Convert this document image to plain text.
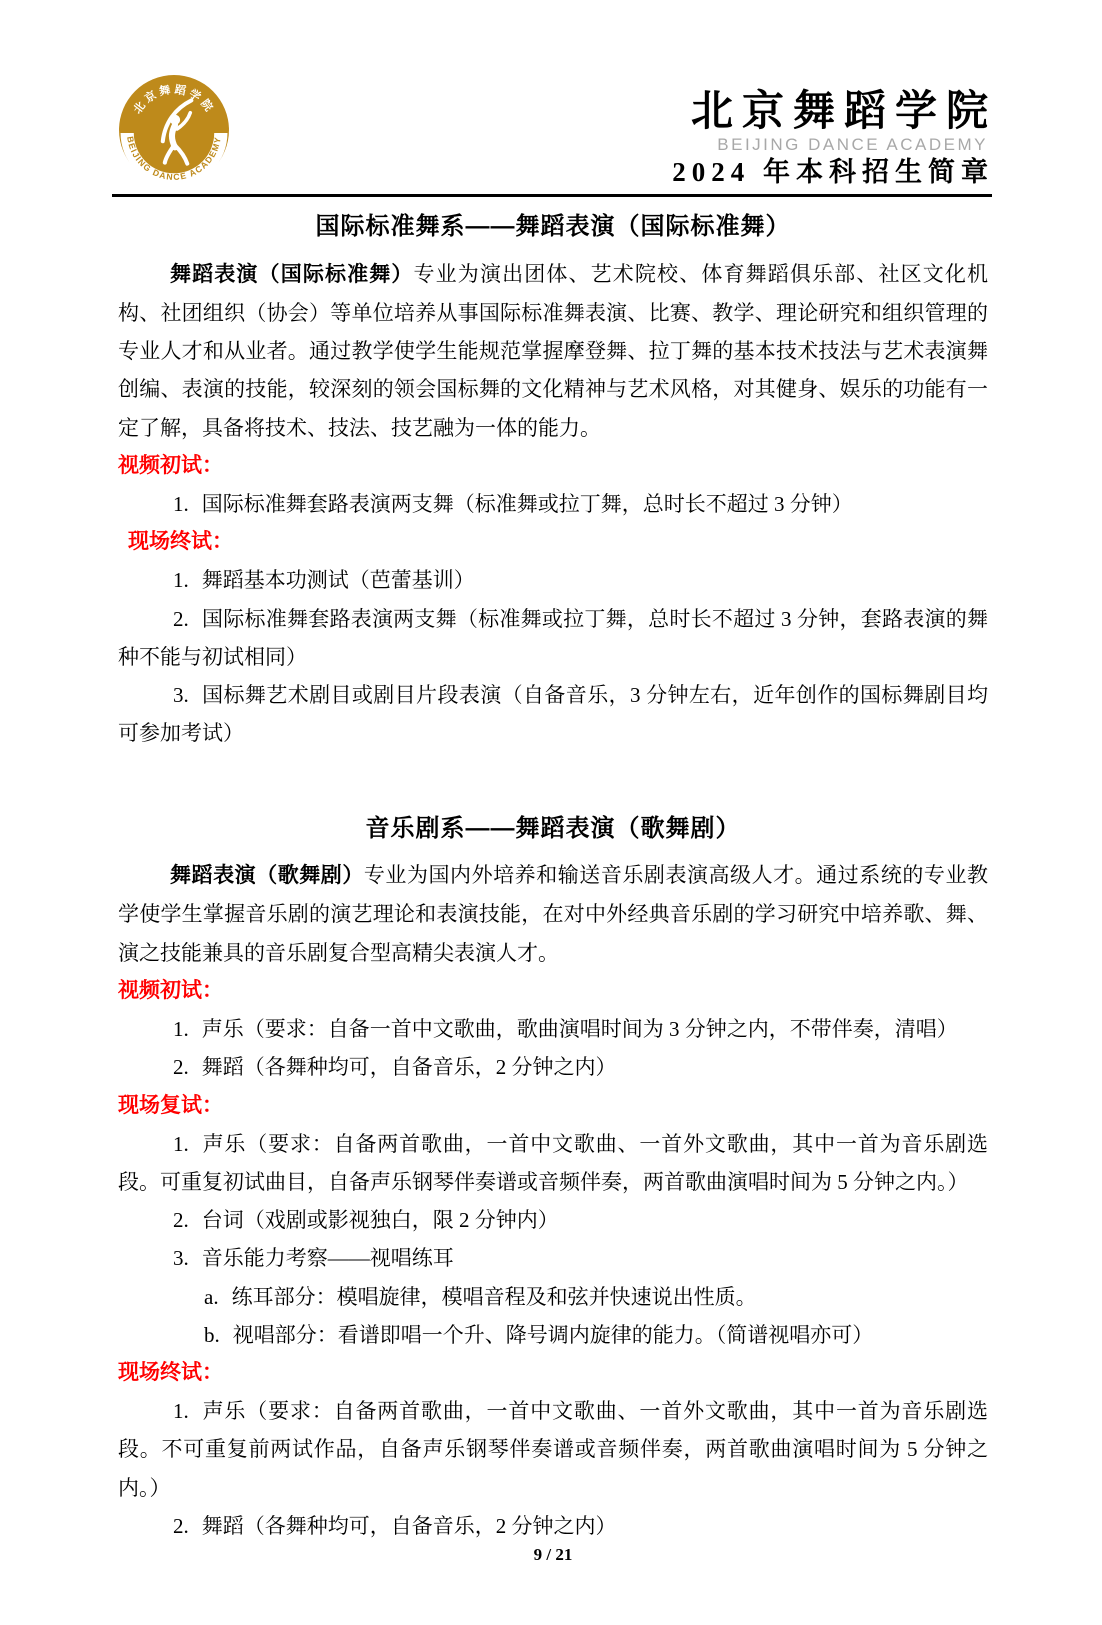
北京舞蹈学院
BEIJING DANCE ACADEMY
北京舞蹈学院
BEIJING DANCE ACADEMY
2024 年本科招生简章
国际标准舞系——舞蹈表演（国际标准舞）

舞蹈表演（国际标准舞）专业为演出团体、艺术院校、体育舞蹈俱乐部、社区文化机构、社团组织（协会）等单位培养从事国际标准舞表演、比赛、教学、理论研究和组织管理的专业人才和从业者。通过教学使学生能规范掌握摩登舞、拉丁舞的基本技术技法与艺术表演舞创编、表演的技能，较深刻的领会国标舞的文化精神与艺术风格，对其健身、娱乐的功能有一定了解，具备将技术、技法、技艺融为一体的能力。

视频初试：

1. 国际标准舞套路表演两支舞（标准舞或拉丁舞，总时长不超过 3 分钟）

现场终试：

1. 舞蹈基本功测试（芭蕾基训）

2. 国际标准舞套路表演两支舞（标准舞或拉丁舞，总时长不超过 3 分钟，套路表演的舞种不能与初试相同）

3. 国标舞艺术剧目或剧目片段表演（自备音乐，3 分钟左右，近年创作的国标舞剧目均可参加考试）

音乐剧系——舞蹈表演（歌舞剧）

舞蹈表演（歌舞剧）专业为国内外培养和输送音乐剧表演高级人才。通过系统的专业教学使学生掌握音乐剧的演艺理论和表演技能，在对中外经典音乐剧的学习研究中培养歌、舞、演之技能兼具的音乐剧复合型高精尖表演人才。

视频初试：

1. 声乐（要求：自备一首中文歌曲，歌曲演唱时间为 3 分钟之内，不带伴奏，清唱）

2. 舞蹈（各舞种均可，自备音乐，2 分钟之内）

现场复试：

1. 声乐（要求：自备两首歌曲，一首中文歌曲、一首外文歌曲，其中一首为音乐剧选段。可重复初试曲目，自备声乐钢琴伴奏谱或音频伴奏，两首歌曲演唱时间为 5 分钟之内。）

2. 台词（戏剧或影视独白，限 2 分钟内）

3. 音乐能力考察——视唱练耳

a. 练耳部分：模唱旋律，模唱音程及和弦并快速说出性质。

b. 视唱部分：看谱即唱一个升、降号调内旋律的能力。（简谱视唱亦可）

现场终试：

1. 声乐（要求：自备两首歌曲，一首中文歌曲、一首外文歌曲，其中一首为音乐剧选段。不可重复前两试作品，自备声乐钢琴伴奏谱或音频伴奏，两首歌曲演唱时间为 5 分钟之内。）

2. 舞蹈（各舞种均可，自备音乐，2 分钟之内）

9 / 21
